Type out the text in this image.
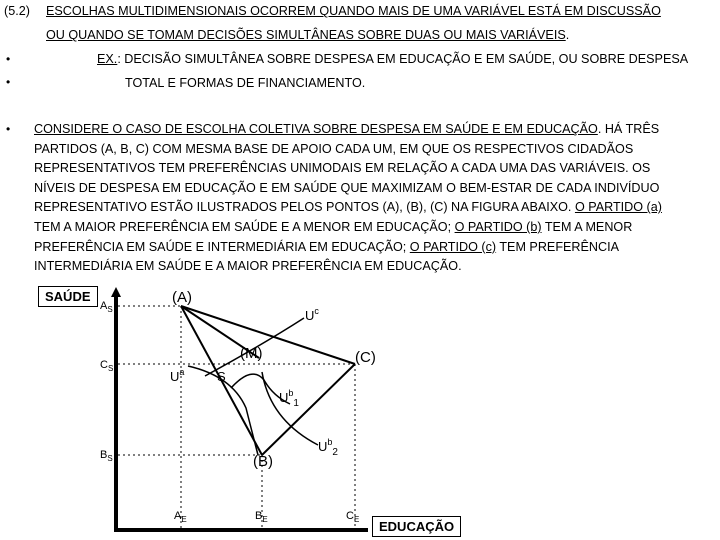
(5.2) ESCOLHAS MULTIDIMENSIONAIS OCORREM QUANDO MAIS DE UMA VARIÁVEL ESTÁ EM DISCUSSÃO
OU QUANDO SE TOMAM DECISÕES SIMULTÂNEAS SOBRE DUAS OU MAIS VARIÁVEIS.
•
•
EX.: DECISÃO SIMULTÂNEA SOBRE DESPESA EM EDUCAÇÃO E EM SAÚDE, OU SOBRE DESPESA
TOTAL E FORMAS DE FINANCIAMENTO.
• CONSIDERE O CASO DE ESCOLHA COLETIVA SOBRE DESPESA EM SAÚDE E EM EDUCAÇÃO. HÁ TRÊS

PARTIDOS (A, B, C) COM MESMA BASE DE APOIO CADA UM, EM QUE OS RESPECTIVOS CIDADÃOS

REPRESENTATIVOS TEM PREFERÊNCIAS UNIMODAIS EM RELAÇÃO A CADA UMA DAS VARIÁVEIS. OS

NÍVEIS DE DESPESA EM EDUCAÇÃO E EM SAÚDE QUE MAXIMIZAM O BEM-ESTAR DE CADA INDIVÍDUO

REPRESENTATIVO ESTÃO ILUSTRADOS PELOS PONTOS (A), (B), (C) NA FIGURA ABAIXO. O PARTIDO (a)

TEM A MAIOR PREFERÊNCIA EM SAÚDE E A MENOR EM EDUCAÇÃO; O PARTIDO (b) TEM A MENOR

PREFERÊNCIA EM SAÚDE E INTERMEDIÁRIA EM EDUCAÇÃO; O PARTIDO (c) TEM PREFERÊNCIA

INTERMEDIÁRIA EM SAÚDE E A MAIOR PREFERÊNCIA EM EDUCAÇÃO.

(A)
(B)
(C)
(M)
S
$A_S$
$C_S$
$B_S$
$A_E$	$B_E$	$C_E$
$U^c$
$U^a$
$U^b_1$
$U^b_2$
SAÚDE
EDUCAÇÃO
